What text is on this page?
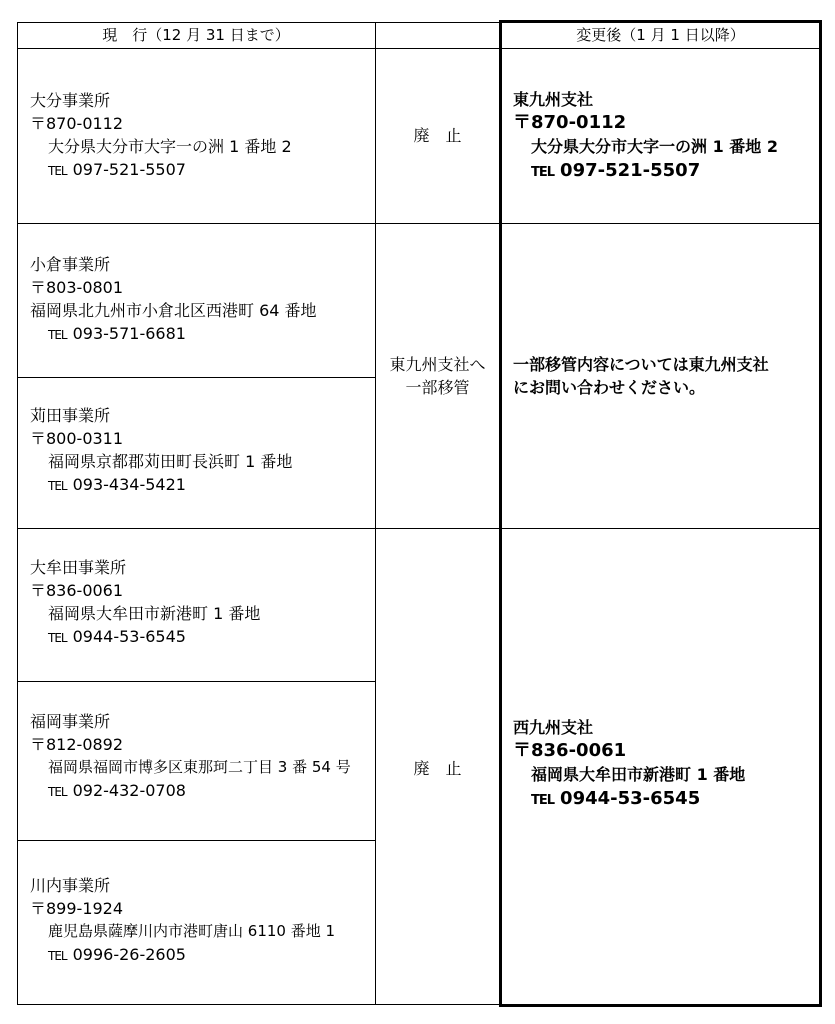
現　行（12 月 31 日まで）	変更後（1 月 1 日以降）
大分事業所
〒870-0112
大分県大分市大字一の洲 1 番地 2
TEL 097-521-5507
小倉事業所
〒803-0801
福岡県北九州市小倉北区西港町 64 番地
TEL 093-571-6681
苅田事業所
〒800-0311
福岡県京都郡苅田町長浜町 1 番地
TEL 093-434-5421
大牟田事業所
〒836-0061
福岡県大牟田市新港町 1 番地
TEL 0944-53-6545
福岡事業所
〒812-0892
福岡県福岡市博多区東那珂二丁目 3 番 54 号
TEL 092-432-0708
川内事業所
〒899-1924
鹿児島県薩摩川内市港町唐山 6110 番地 1
TEL 0996-26-2605
廃　止
東九州支社へ
一部移管
廃　止
東九州支社
〒870-0112
大分県大分市大字一の洲 1 番地 2
TEL 097-521-5507
一部移管内容については東九州支社
にお問い合わせください。
西九州支社
〒836-0061
福岡県大牟田市新港町 1 番地
TEL 0944-53-6545
